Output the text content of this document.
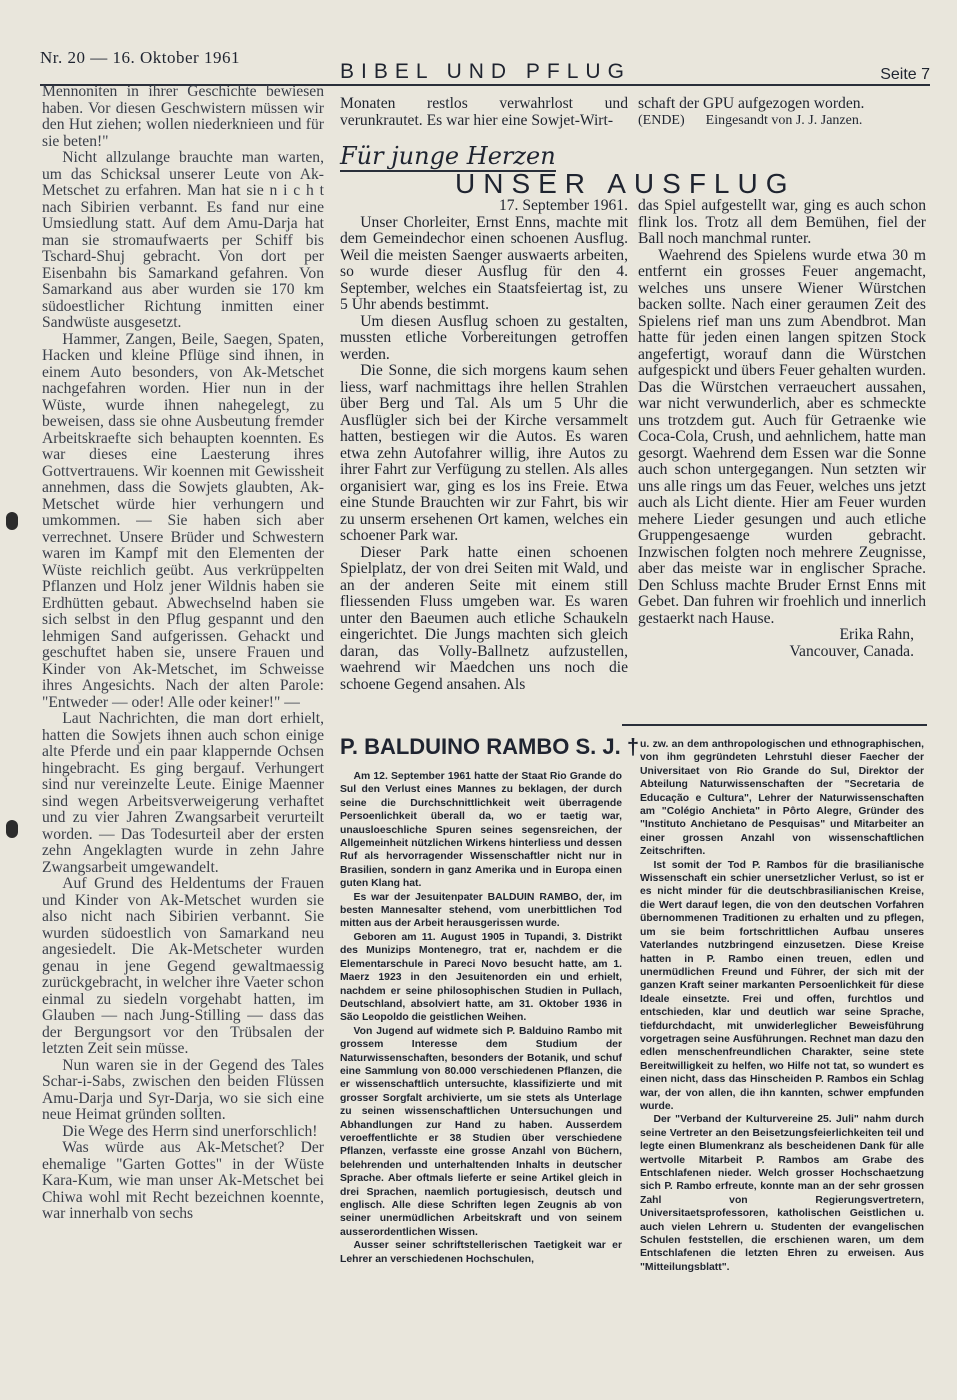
Nr. 20 — 16. Oktober 1961
BIBEL UND PFLUG	Seite 7

Mennoniten in ihrer Geschichte bewiesen haben. Vor diesen Geschwistern müssen wir den Hut ziehen; wollen niederknieen und für sie beten!"

Nicht allzulange brauchte man warten, um das Schicksal unserer Leute von Ak-Metschet zu erfahren. Man hat sie n i c h t nach Sibirien verbannt. Es fand nur eine Umsiedlung statt. Auf dem Amu-Darja hat man sie stromaufwaerts per Schiff bis Tschard-Shuj gebracht. Von dort per Eisenbahn bis Samarkand gefahren. Von Samarkand aus aber wurden sie 170 km südoestlicher Richtung inmitten einer Sandwüste ausgesetzt.

Hammer, Zangen, Beile, Saegen, Spaten, Hacken und kleine Pflüge sind ihnen, in einem Auto besonders, von Ak-Metschet nachgefahren worden. Hier nun in der Wüste, wurde ihnen nahegelegt, zu beweisen, dass sie ohne Ausbeutung fremder Arbeitskraefte sich behaupten koennten. Es war dieses eine Laesterung ihres Gottvertrauens. Wir koennen mit Gewissheit annehmen, dass die Sowjets glaubten, Ak-Metschet würde hier verhungern und umkommen. — Sie haben sich aber verrechnet. Unsere Brüder und Schwestern waren im Kampf mit den Elementen der Wüste reichlich geübt. Aus verkrüppelten Pflanzen und Holz jener Wildnis haben sie Erdhütten gebaut. Abwechselnd haben sie sich selbst in den Pflug gespannt und den lehmigen Sand aufgerissen. Gehackt und geschuftet haben sie, unsere Frauen und Kinder von Ak-Metschet, im Schweisse ihres Angesichts. Nach der alten Parole: "Entweder — oder! Alle oder keiner!" —

Laut Nachrichten, die man dort erhielt, hatten die Sowjets ihnen auch schon einige alte Pferde und ein paar klappernde Ochsen hingebracht. Es ging bergauf. Verhungert sind nur vereinzelte Leute. Einige Maenner sind wegen Arbeitsverweigerung verhaftet und zu vier Jahren Zwangsarbeit verurteilt worden. — Das Todesurteil aber der ersten zehn Angeklagten wurde in zehn Jahre Zwangsarbeit umgewandelt.

Auf Grund des Heldentums der Frauen und Kinder von Ak-Metschet wurden sie also nicht nach Sibirien verbannt. Sie wurden südoestlich von Samarkand neu angesiedelt. Die Ak-Metscheter wurden genau in jene Gegend gewaltmaessig zurückgebracht, in welcher ihre Vaeter schon einmal zu siedeln vorgehabt hatten, im Glauben — nach Jung-Stilling — dass das der Bergungsort vor den Trübsalen der letzten Zeit sein müsse.

Nun waren sie in der Gegend des Tales Schar-i-Sabs, zwischen den beiden Flüssen Amu-Darja und Syr-Darja, wo sie sich eine neue Heimat gründen sollten.

Die Wege des Herrn sind unerforschlich!

Was würde aus Ak-Metschet? Der ehemalige "Garten Gottes" in der Wüste Kara-Kum, wie man unser Ak-Metschet bei Chiwa wohl mit Recht bezeichnen koennte, war innerhalb von sechs

Monaten restlos verwahrlost und verunkrautet. Es war hier eine Sowjet-Wirt-

schaft der GPU aufgezogen worden.

(ENDE) Eingesandt von J. J. Janzen.

Für junge Herzen
UNSER AUSFLUG

17. September 1961.

Unser Chorleiter, Ernst Enns, machte mit dem Gemeindechor einen schoenen Ausflug. Weil die meisten Saenger auswaerts arbeiten, so wurde dieser Ausflug für den 4. September, welches ein Staatsfeiertag ist, zu 5 Uhr abends bestimmt.

Um diesen Ausflug schoen zu gestalten, mussten etliche Vorbereitungen getroffen werden.

Die Sonne, die sich morgens kaum sehen liess, warf nachmittags ihre hellen Strahlen über Berg und Tal. Als um 5 Uhr die Ausflügler sich bei der Kirche versammelt hatten, bestiegen wir die Autos. Es waren etwa zehn Autofahrer willig, ihre Autos zu ihrer Fahrt zur Verfügung zu stellen. Als alles organisiert war, ging es los ins Freie. Etwa eine Stunde Brauchten wir zur Fahrt, bis wir zu unserm ersehenen Ort kamen, welches ein schoener Park war.

Dieser Park hatte einen schoenen Spielplatz, der von drei Seiten mit Wald, und an der anderen Seite mit einem still fliessenden Fluss umgeben war. Es waren unter den Baeumen auch etliche Schaukeln eingerichtet. Die Jungs machten sich gleich daran, das Volly-Ballnetz aufzustellen, waehrend wir Maedchen uns noch die schoene Gegend ansahen. Als

das Spiel aufgestellt war, ging es auch schon flink los. Trotz all dem Bemühen, fiel der Ball noch manchmal runter.

Waehrend des Spielens wurde etwa 30 m entfernt ein grosses Feuer angemacht, welches uns unsere Wiener Würstchen backen sollte. Nach einer geraumen Zeit des Spielens rief man uns zum Abendbrot. Man hatte für jeden einen langen spitzen Stock angefertigt, worauf dann die Würstchen aufgespickt und übers Feuer gehalten wurden. Das die Würstchen verraeuchert aussahen, war nicht verwunderlich, aber es schmeckte uns trotzdem gut. Auch für Getraenke wie Coca-Cola, Crush, und aehnlichem, hatte man gesorgt. Waehrend dem Essen war die Sonne auch schon untergegangen. Nun setzten wir uns alle rings um das Feuer, welches uns jetzt auch als Licht diente. Hier am Feuer wurden mehere Lieder gesungen und auch etliche Gruppengesaenge wurden gebracht. Inzwischen folgten noch mehrere Zeugnisse, aber das meiste war in englischer Sprache. Den Schluss machte Bruder Ernst Enns mit Gebet. Dan fuhren wir froehlich und innerlich gestaerkt nach Hause.

Erika Rahn,

Vancouver, Canada.

P. BALDUINO RAMBO S. J. †

Am 12. September 1961 hatte der Staat Rio Grande do Sul den Verlust eines Mannes zu beklagen, der durch seine die Durchschnittlichkeit weit überragende Persoenlichkeit überall da, wo er taetig war, unausloeschliche Spuren seines segensreichen, der Allgemeinheit nützlichen Wirkens hinterliess und dessen Ruf als hervorragender Wissenschaftler nicht nur in Brasilien, sondern in ganz Amerika und in Europa einen guten Klang hat.

Es war der Jesuitenpater BALDUIN RAMBO, der, im besten Mannesalter stehend, vom unerbittlichen Tod mitten aus der Arbeit herausgerissen wurde.

Geboren am 11. August 1905 in Tupandi, 3. Distrikt des Munizips Montenegro, trat er, nachdem er die Elementarschule in Pareci Novo besucht hatte, am 1. Maerz 1923 in den Jesuitenorden ein und erhielt, nachdem er seine philosophischen Studien in Pullach, Deutschland, absolviert hatte, am 31. Oktober 1936 in São Leopoldo die geistlichen Weihen.

Von Jugend auf widmete sich P. Balduino Rambo mit grossem Interesse dem Studium der Naturwissenschaften, besonders der Botanik, und schuf eine Sammlung von 80.000 verschiedenen Pflanzen, die er wissenschaftlich untersuchte, klassifizierte und mit grosser Sorgfalt archivierte, um sie stets als Unterlage zu seinen wissenschaftlichen Untersuchungen und Abhandlungen zur Hand zu haben. Ausserdem veroeffentlichte er 38 Studien über verschiedene Pflanzen, verfasste eine grosse Anzahl von Büchern, belehrenden und unterhaltenden Inhalts in deutscher Sprache. Aber oftmals lieferte er seine Artikel gleich in drei Sprachen, naemlich portugiesisch, deutsch und englisch. Alle diese Schriften legen Zeugnis ab von seiner unermüdlichen Arbeitskraft und von seinem ausserordentlichen Wissen.

Ausser seiner schriftstellerischen Taetigkeit war er Lehrer an verschiedenen Hochschulen,

u. zw. an dem anthropologischen und ethnographischen, von ihm gegründeten Lehrstuhl dieser Faecher der Universitaet von Rio Grande do Sul, Direktor der Abteilung Naturwissenschaften der "Secretaria de Educação e Cultura", Lehrer der Naturwissenschaften am "Colégio Anchieta" in Pôrto Alegre, Gründer des "Instituto Anchietano de Pesquisas" und Mitarbeiter an einer grossen Anzahl von wissenschaftlichen Zeitschriften.

Ist somit der Tod P. Rambos für die brasilianische Wissenschaft ein schier unersetzlicher Verlust, so ist er es nicht minder für die deutschbrasilianischen Kreise, die Wert darauf legen, die von den deutschen Vorfahren übernommenen Traditionen zu erhalten und zu pflegen, um sie beim fortschrittlichen Aufbau unseres Vaterlandes nutzbringend einzusetzen. Diese Kreise hatten in P. Rambo einen treuen, edlen und unermüdlichen Freund und Führer, der sich mit der ganzen Kraft seiner markanten Persoenlichkeit für diese Ideale einsetzte. Frei und offen, furchtlos und entschieden, klar und deutlich war seine Sprache, tiefdurchdacht, mit unwiderleglicher Beweisführung vorgetragen seine Ausführungen. Rechnet man dazu den edlen menschenfreundlichen Charakter, seine stete Bereitwilligkeit zu helfen, wo Hilfe not tat, so wundert es einen nicht, dass das Hinscheiden P. Rambos ein Schlag war, der von allen, die ihn kannten, schwer empfunden wurde.

Der "Verband der Kulturvereine 25. Juli" nahm durch seine Vertreter an den Beisetzungsfeierlichkeiten teil und legte einen Blumenkranz als bescheidenen Dank für alle wertvolle Mitarbeit P. Rambos am Grabe des Entschlafenen nieder. Welch grosser Hochschaetzung sich P. Rambo erfreute, konnte man an der sehr grossen Zahl von Regierungsvertretern, Universitaetsprofessoren, katholischen Geistlichen u. auch vielen Lehrern u. Studenten der evangelischen Schulen feststellen, die erschienen waren, um dem Entschlafenen die letzten Ehren zu erweisen. Aus "Mitteilungsblatt".
